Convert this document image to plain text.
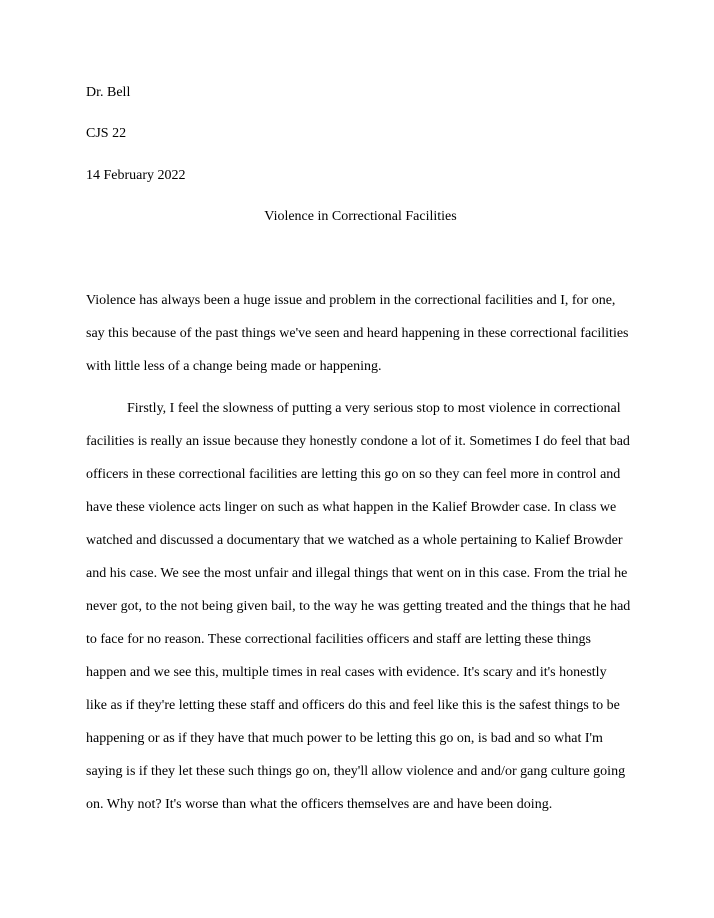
Dr. Bell
CJS 22
14 February 2022
Violence in Correctional Facilities
Violence has always been a huge issue and problem in the correctional facilities and I, for one,
say this because of the past things we've seen and heard happening in these correctional facilities
with little less of a change being made or happening.
Firstly, I feel the slowness of putting a very serious stop to most violence in correctional
facilities is really an issue because they honestly condone a lot of it. Sometimes I do feel that bad
officers in these correctional facilities are letting this go on so they can feel more in control and
have these violence acts linger on such as what happen in the Kalief Browder case. In class we
watched and discussed a documentary that we watched as a whole pertaining to Kalief Browder
and his case. We see the most unfair and illegal things that went on in this case. From the trial he
never got, to the not being given bail, to the way he was getting treated and the things that he had
to face for no reason. These correctional facilities officers and staff are letting these things
happen and we see this, multiple times in real cases with evidence. It's scary and it's honestly
like as if they're letting these staff and officers do this and feel like this is the safest things to be
happening or as if they have that much power to be letting this go on, is bad and so what I'm
saying is if they let these such things go on, they'll allow violence and and/or gang culture going
on. Why not? It's worse than what the officers themselves are and have been doing.
